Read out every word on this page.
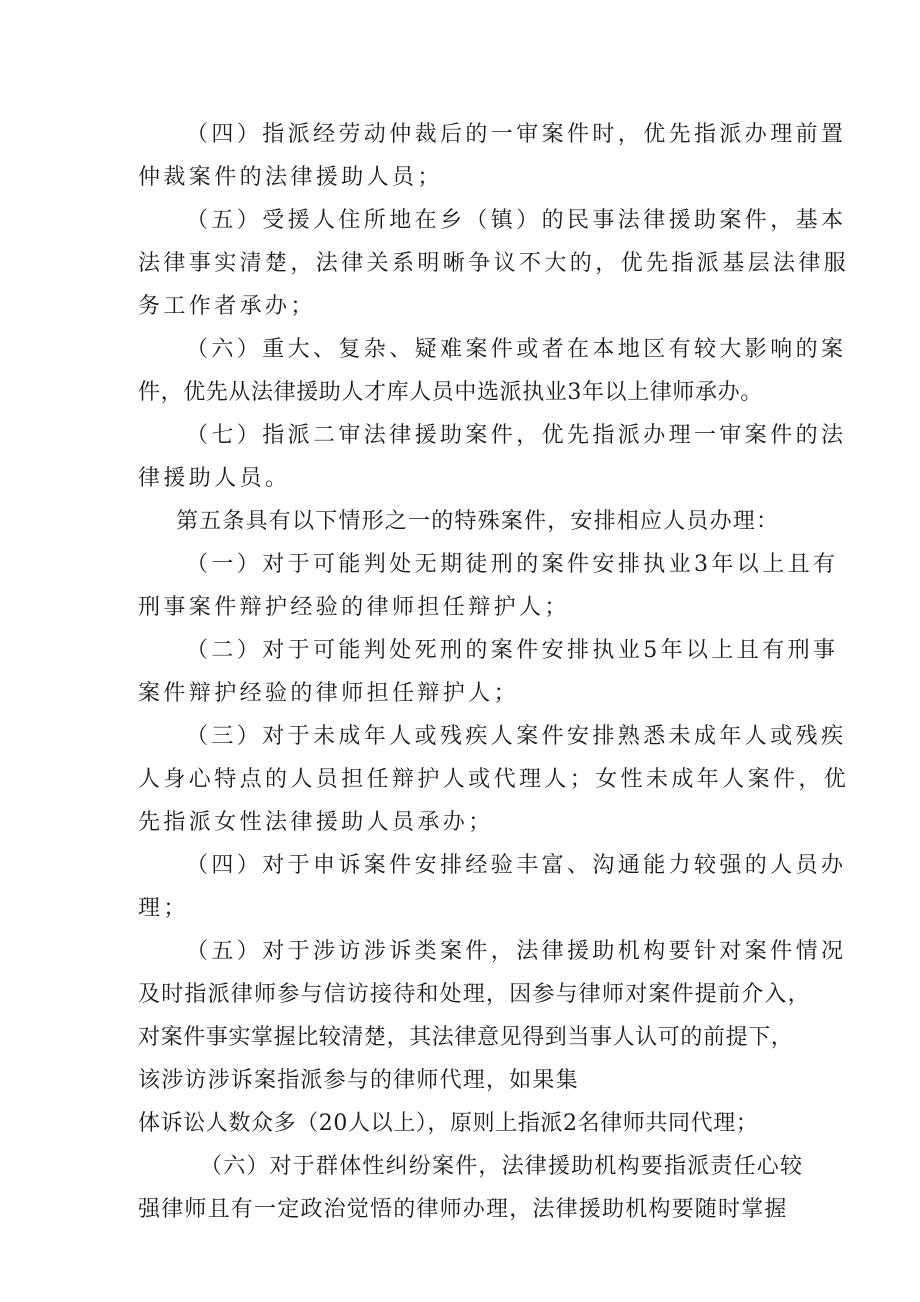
（四）指派经劳动仲裁后的一审案件时，优先指派办理前置
仲裁案件的法律援助人员；
（五）受援人住所地在乡（镇）的民事法律援助案件，基本
法律事实清楚，法律关系明晰争议不大的，优先指派基层法律服
务工作者承办；
（六）重大、复杂、疑难案件或者在本地区有较大影响的案
件，优先从法律援助人才库人员中选派执业3年以上律师承办。
（七）指派二审法律援助案件，优先指派办理一审案件的法
律援助人员。
第五条具有以下情形之一的特殊案件，安排相应人员办理：
（一）对于可能判处无期徒刑的案件安排执业3年以上且有
刑事案件辩护经验的律师担任辩护人；
（二）对于可能判处死刑的案件安排执业5年以上且有刑事
案件辩护经验的律师担任辩护人；
（三）对于未成年人或残疾人案件安排熟悉未成年人或残疾
人身心特点的人员担任辩护人或代理人；女性未成年人案件，优
先指派女性法律援助人员承办；
（四）对于申诉案件安排经验丰富、沟通能力较强的人员办
理；
（五）对于涉访涉诉类案件，法律援助机构要针对案件情况
及时指派律师参与信访接待和处理，因参与律师对案件提前介入，
对案件事实掌握比较清楚，其法律意见得到当事人认可的前提下，
该涉访涉诉案指派参与的律师代理，如果集
体诉讼人数众多（20人以上），原则上指派2名律师共同代理；
（六）对于群体性纠纷案件，法律援助机构要指派责任心较
强律师且有一定政治觉悟的律师办理，法律援助机构要随时掌握
